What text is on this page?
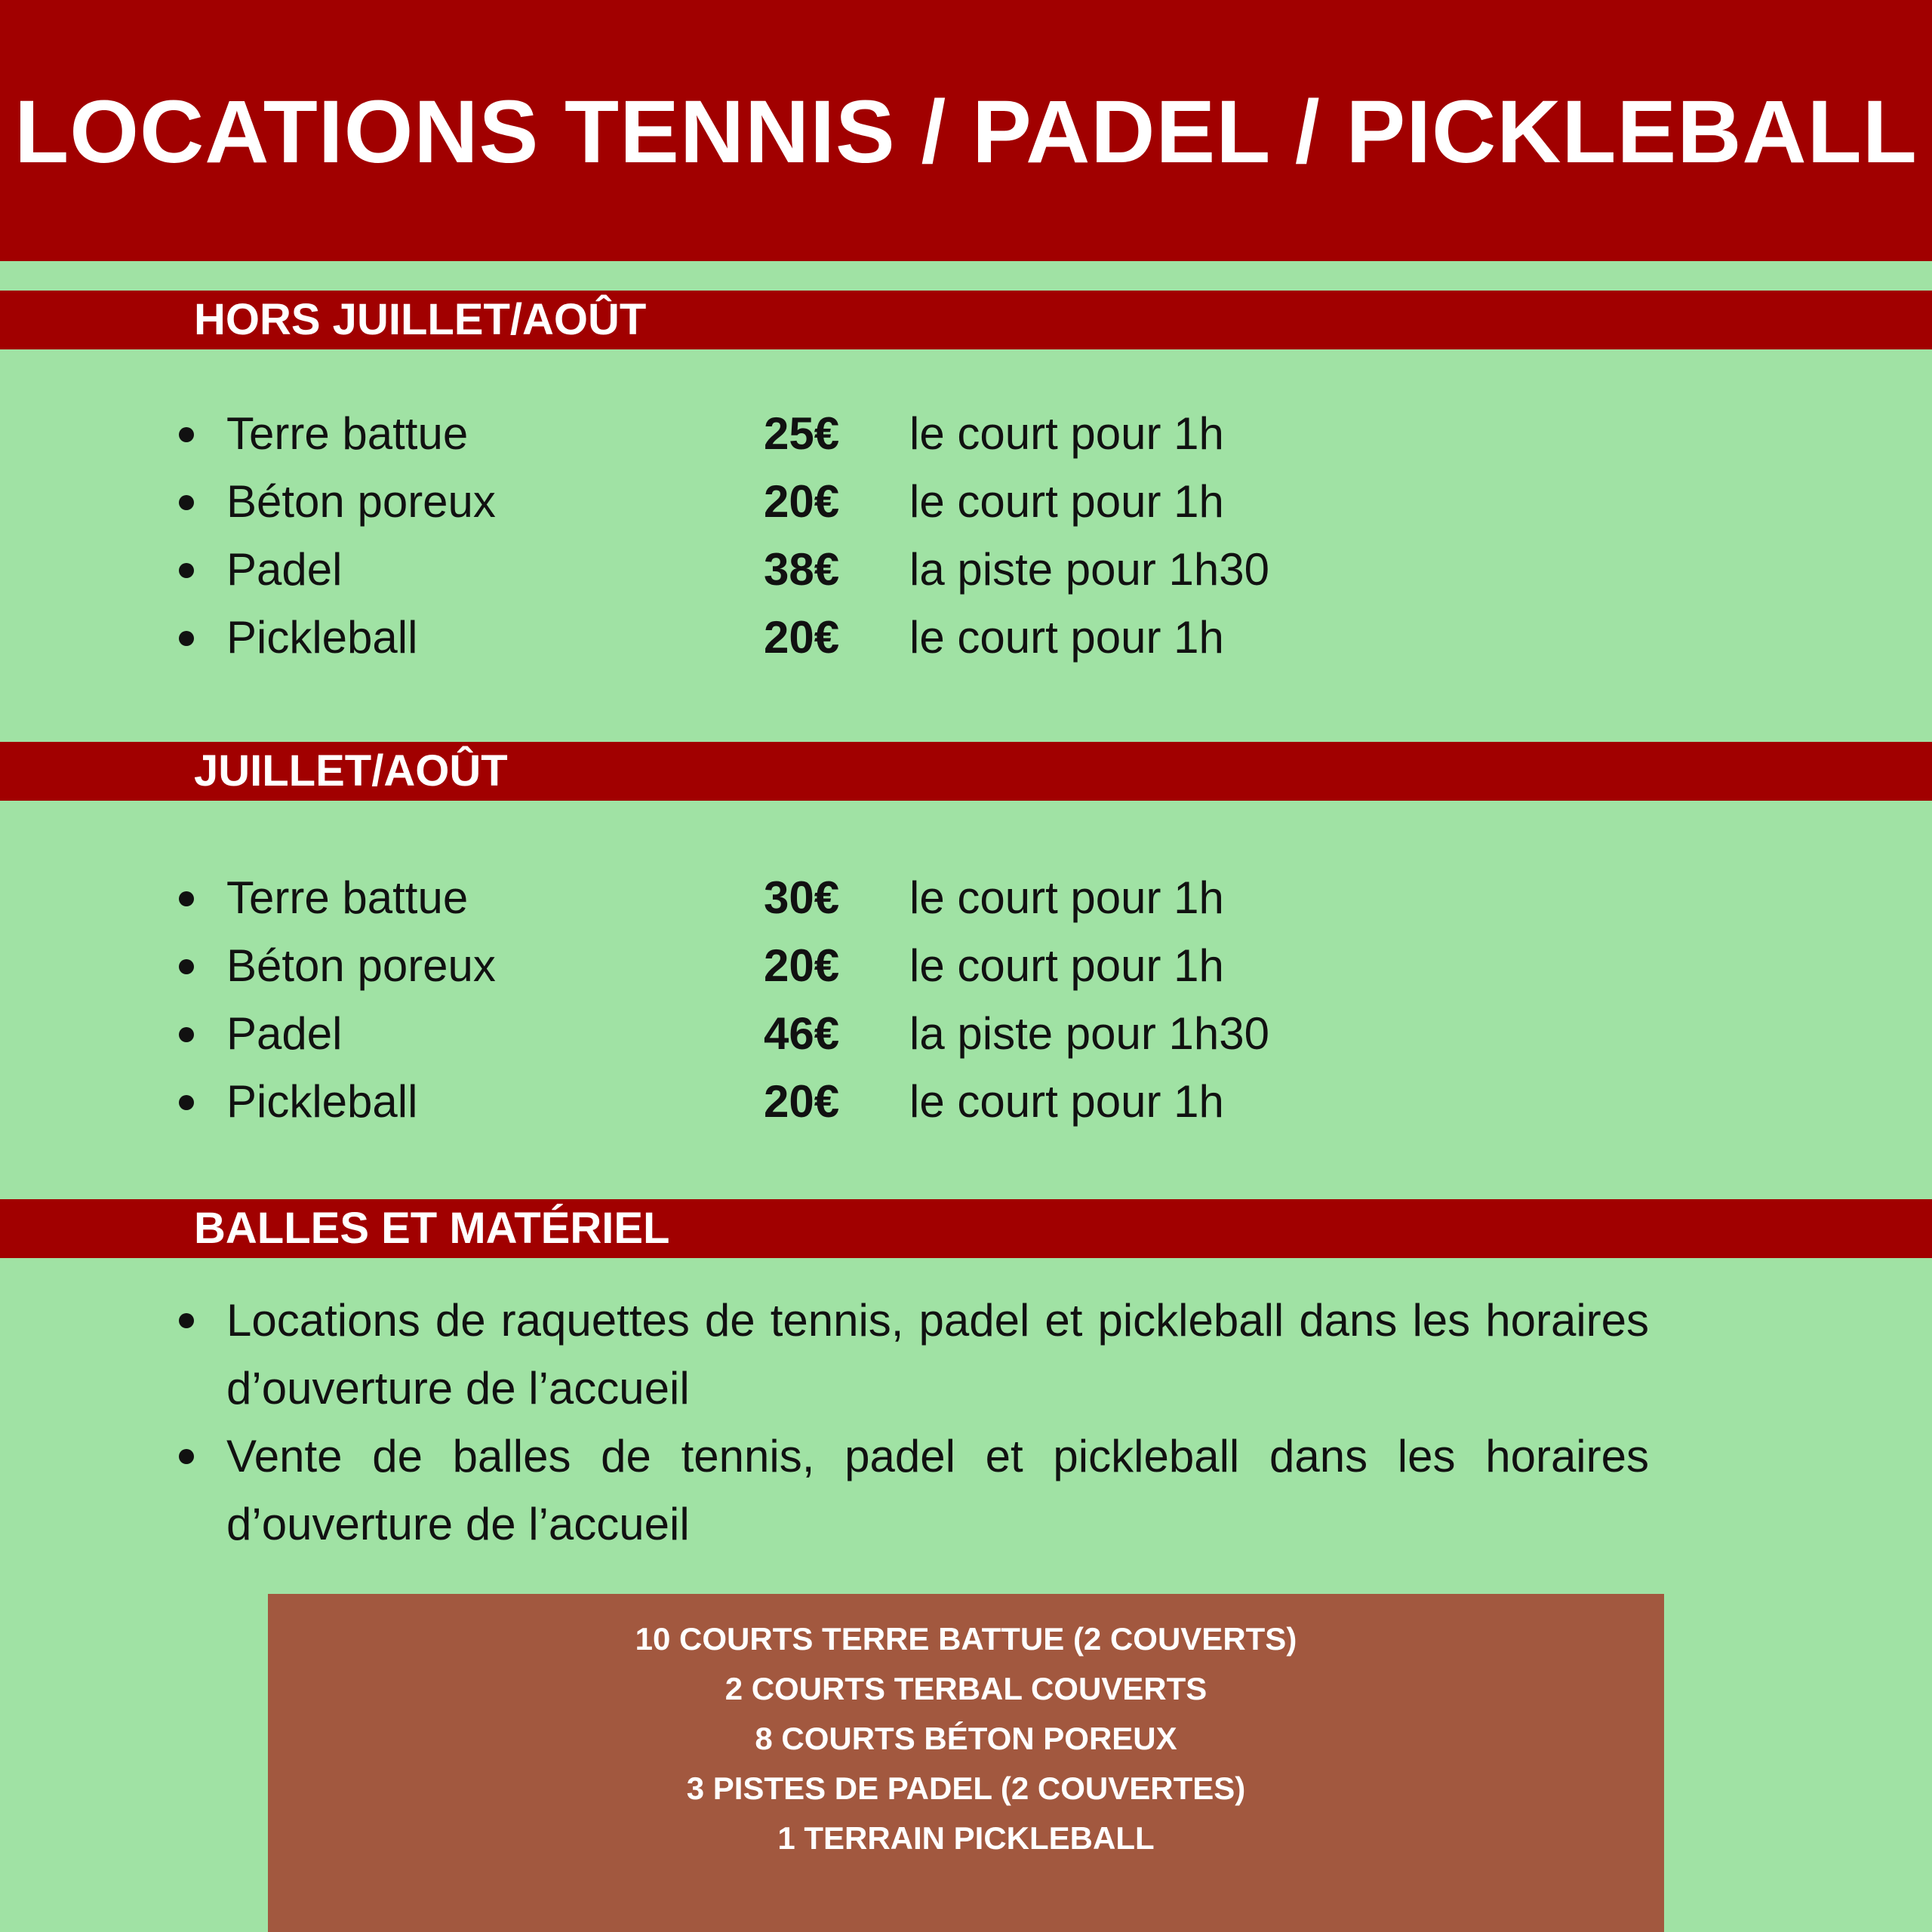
LOCATIONS TENNIS / PADEL / PICKLEBALL
HORS JUILLET/AOÛT
Terre battue	25€ le court pour 1h
Béton poreux	20€ le court pour 1h
Padel	38€ la piste pour 1h30
Pickleball	20€ le court pour 1h
JUILLET/AOÛT
Terre battue	30€ le court pour 1h
Béton poreux	20€ le court pour 1h
Padel	46€ la piste pour 1h30
Pickleball	20€ le court pour 1h
BALLES ET MATÉRIEL
Locations de raquettes de tennis, padel et pickleball dans les horaires d’ouverture de l’accueil
Vente de balles de tennis, padel et pickleball dans les horaires d’ouverture de l’accueil
10 COURTS TERRE BATTUE (2 COUVERTS)
2 COURTS TERBAL COUVERTS
8 COURTS BÉTON POREUX
3 PISTES DE PADEL (2 COUVERTES)
1 TERRAIN PICKLEBALL
